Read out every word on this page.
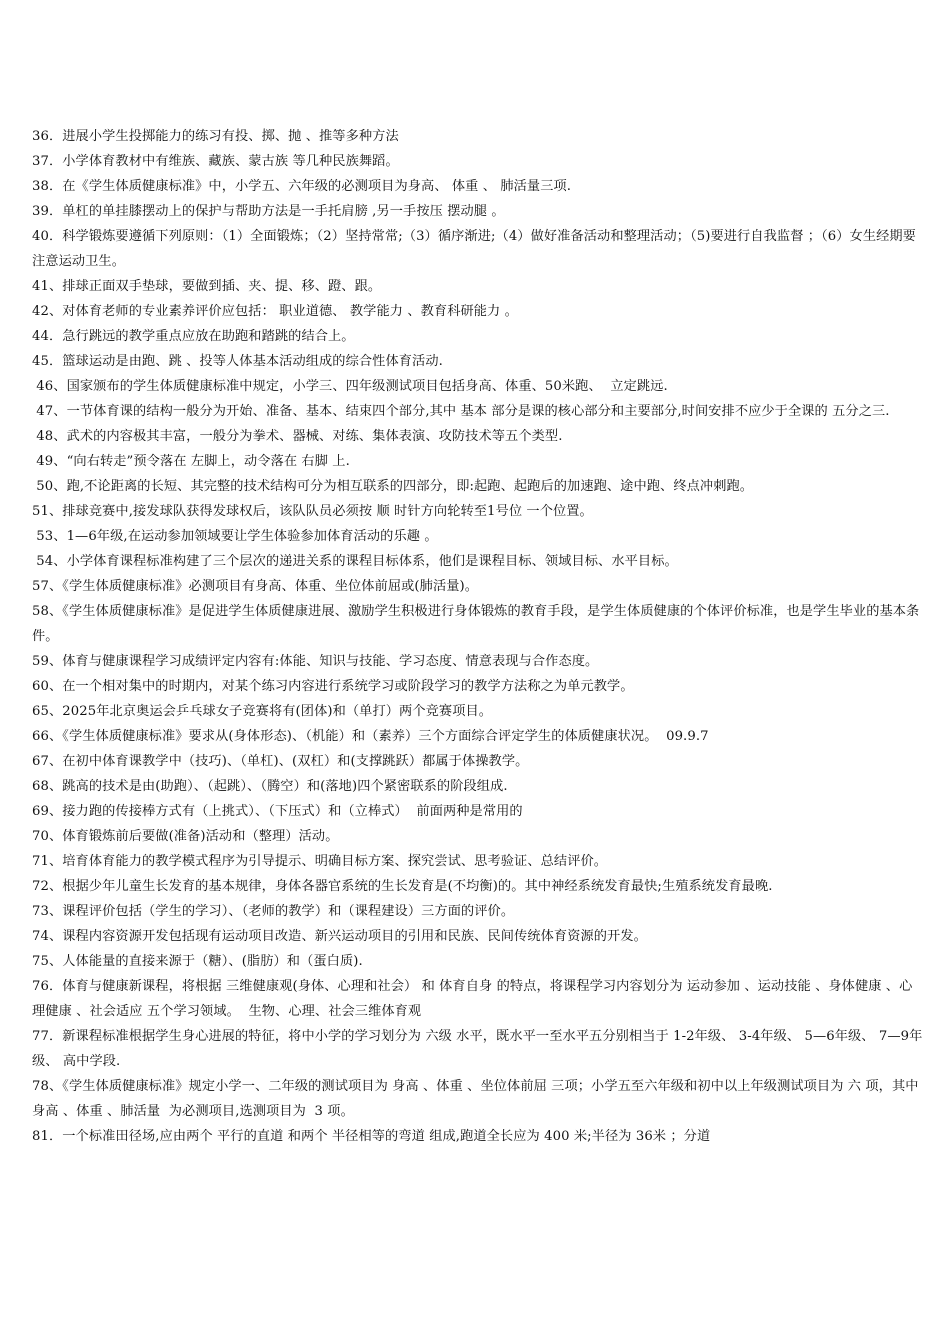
36．进展小学生投掷能力的练习有投、掷、抛 、推等多种方法

37．小学体育教材中有维族、藏族、蒙古族 等几种民族舞蹈。

38．在《学生体质健康标准》中，小学五、六年级的必测项目为身高、 体重 、 肺活量三项.

39．单杠的单挂膝摆动上的保护与帮助方法是一手托肩膀 ,另一手按压 摆动腿 。

40．科学锻炼要遵循下列原则：（1）全面锻炼；（2）坚持常常;（3）循序渐进;（4）做好准备活动和整理活动；（5)要进行自我监督 ；（6）女生经期要注意运动卫生。

41、排球正面双手垫球，要做到插、夹、提、移、蹬、跟。

42、对体育老师的专业素养评价应包括： 职业道德、 教学能力 、教育科研能力 。

44．急行跳远的教学重点应放在助跑和踏跳的结合上。

45．篮球运动是由跑、跳 、投等人体基本活动组成的综合性体育活动.

46、国家颁布的学生体质健康标准中规定，小学三、四年级测试项目包括身高、体重、50米跑、  立定跳远.

47、一节体育课的结构一般分为开始、准备、基本、结束四个部分,其中 基本 部分是课的核心部分和主要部分,时间安排不应少于全课的 五分之三.

48、武术的内容极其丰富，一般分为拳术、器械、对练、集体表演、攻防技术等五个类型.

49、“向右转走”预令落在 左脚上，动令落在 右脚 上.

50、跑,不论距离的长短、其完整的技术结构可分为相互联系的四部分，即:起跑、起跑后的加速跑、途中跑、终点冲刺跑。

51、排球竞赛中,接发球队获得发球权后，该队队员必须按 顺 时针方向轮转至1号位 一个位置。

53、1—6年级,在运动参加领域要让学生体验参加体育活动的乐趣 。

54、小学体育课程标准构建了三个层次的递进关系的课程目标体系，他们是课程目标、领域目标、水平目标。

57、《学生体质健康标准》必测项目有身高、体重、坐位体前屈或(肺活量)。

58、《学生体质健康标准》是促进学生体质健康进展、激励学生积极进行身体锻炼的教育手段，是学生体质健康的个体评价标准，也是学生毕业的基本条件。

59、体育与健康课程学习成绩评定内容有:体能、知识与技能、学习态度、情意表现与合作态度。

60、在一个相对集中的时期内，对某个练习内容进行系统学习或阶段学习的教学方法称之为单元教学。

65、2025年北京奥运会乒乓球女子竞赛将有(团体)和（单打）两个竞赛项目。

66、《学生体质健康标准》要求从(身体形态)、（机能）和（素养）三个方面综合评定学生的体质健康状况。  09.9.7

67、在初中体育课教学中（技巧)、（单杠)、(双杠）和(支撑跳跃）都属于体操教学。

68、跳高的技术是由(助跑）、（起跳）、（腾空）和(落地)四个紧密联系的阶段组成.

69、接力跑的传接棒方式有（上挑式）、（下压式）和（立棒式）  前面两种是常用的

70、体育锻炼前后要做(准备)活动和（整理）活动。

71、培育体育能力的教学模式程序为引导提示、明确目标方案、探究尝试、思考验证、总结评价。

72、根据少年儿童生长发育的基本规律，身体各器官系统的生长发育是(不均衡)的。其中神经系统发育最快;生殖系统发育最晚.

73、课程评价包括（学生的学习）、（老师的教学）和（课程建设）三方面的评价。

74、课程内容资源开发包括现有运动项目改造、新兴运动项目的引用和民族、民间传统体育资源的开发。

75、人体能量的直接来源于（糖）、(脂肪）和（蛋白质).

76．体育与健康新课程，将根据 三维健康观(身体、心理和社会） 和 体育自身 的特点，将课程学习内容划分为 运动参加 、运动技能 、身体健康 、心理健康 、社会适应 五个学习领域。  生物、心理、社会三维体育观

77．新课程标准根据学生身心进展的特征，将中小学的学习划分为 六级 水平，既水平一至水平五分别相当于 1-2年级、 3-4年级、 5—6年级、 7—9年级、 高中学段.

78、《学生体质健康标准》规定小学一、二年级的测试项目为 身高 、体重 、坐位体前屈 三项；小学五至六年级和初中以上年级测试项目为 六 项，其中 身高 、体重 、肺活量  为必测项目,选测项目为  3 项。

81．一个标准田径场,应由两个 平行的直道 和两个 半径相等的弯道 组成,跑道全长应为 400 米;半径为 36米 ；分道
